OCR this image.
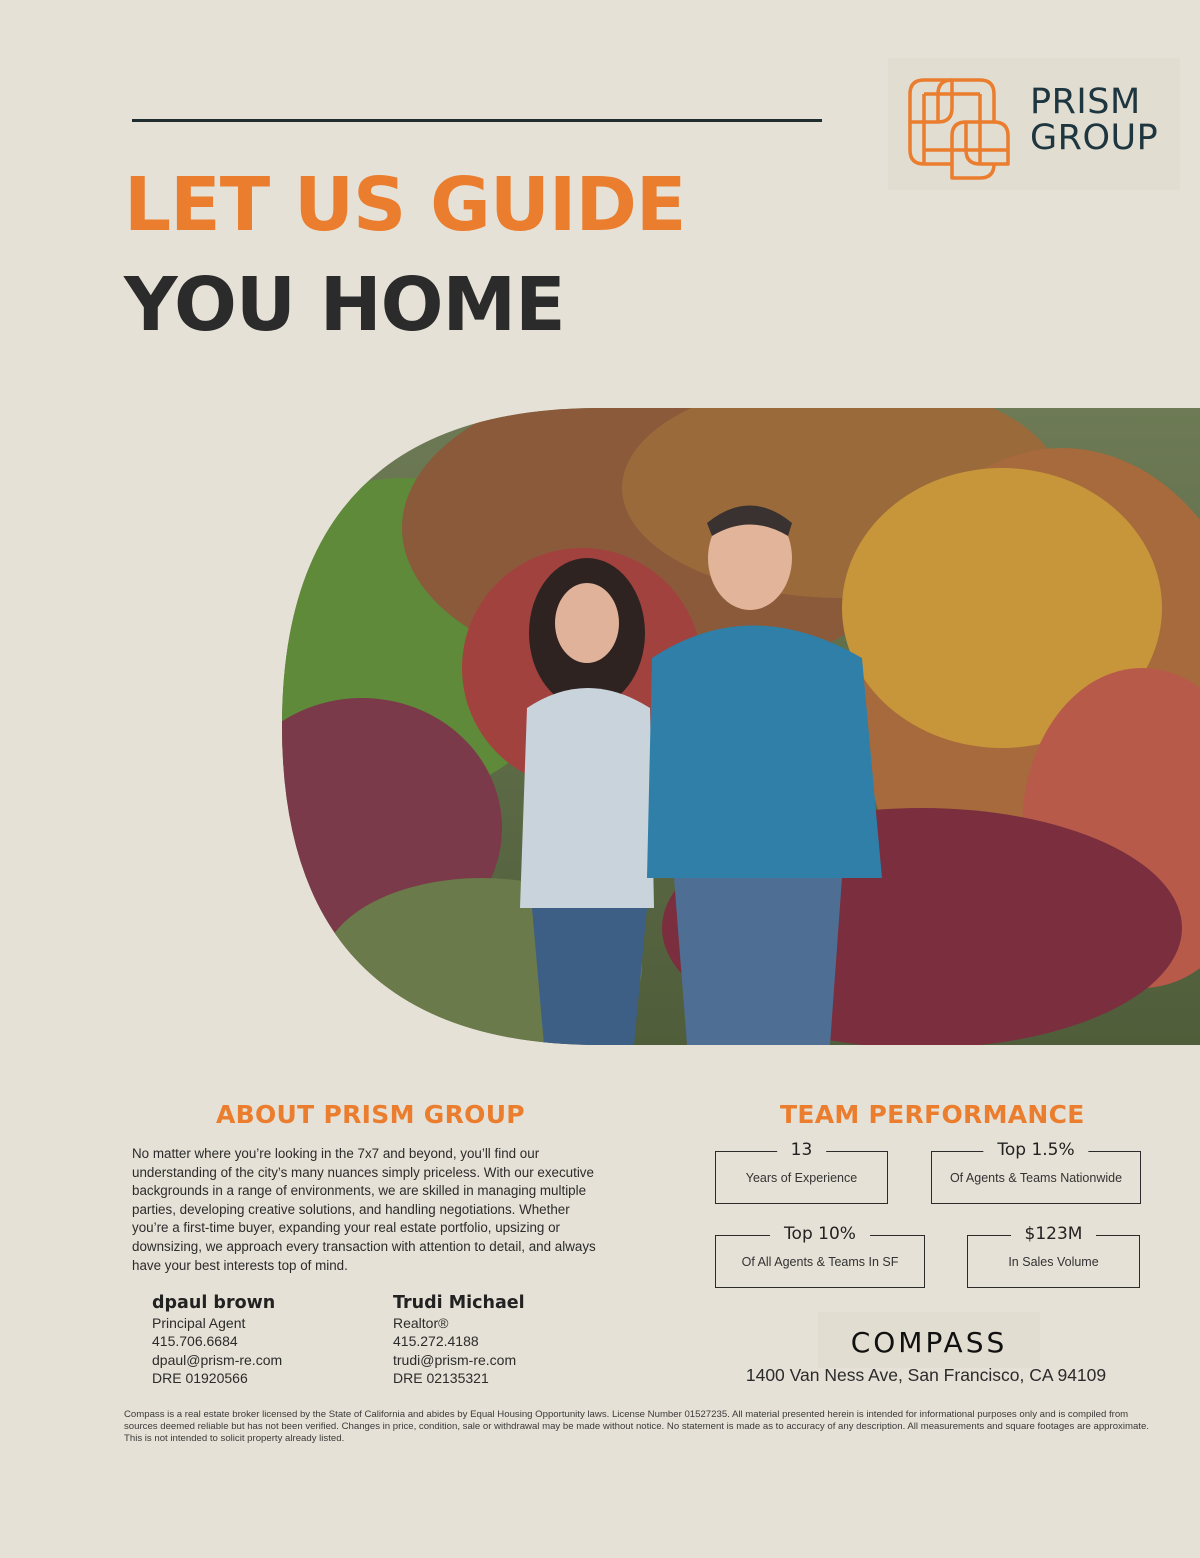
LET US GUIDE
YOU HOME
PRISM
GROUP
ABOUT PRISM GROUP
No matter where you’re looking in the 7x7 and beyond, you’ll find our understanding of the city’s many nuances simply priceless. With our executive backgrounds in a range of environments, we are skilled in managing multiple parties, developing creative solutions, and handling negotiations. Whether you’re a first-time buyer, expanding your real estate portfolio, upsizing or downsizing, we approach every transaction with attention to detail, and always have your best interests top of mind.
dpaul brown
Principal Agent
415.706.6684
dpaul@prism-re.com
DRE 01920566
Trudi Michael
Realtor®
415.272.4188
trudi@prism-re.com
DRE 02135321
TEAM PERFORMANCE
13
Years of Experience
Top 1.5%
Of Agents & Teams Nationwide
Top 10%
Of All Agents & Teams In SF
$123M
In Sales Volume
COMPASS
1400 Van Ness Ave, San Francisco, CA 94109
Compass is a real estate broker licensed by the State of California and abides by Equal Housing Opportunity laws. License Number 01527235. All material presented herein is intended for informational purposes only and is compiled from sources deemed reliable but has not been verified. Changes in price, condition, sale or withdrawal may be made without notice. No statement is made as to accuracy of any description. All measurements and square footages are approximate. This is not intended to solicit property already listed.
